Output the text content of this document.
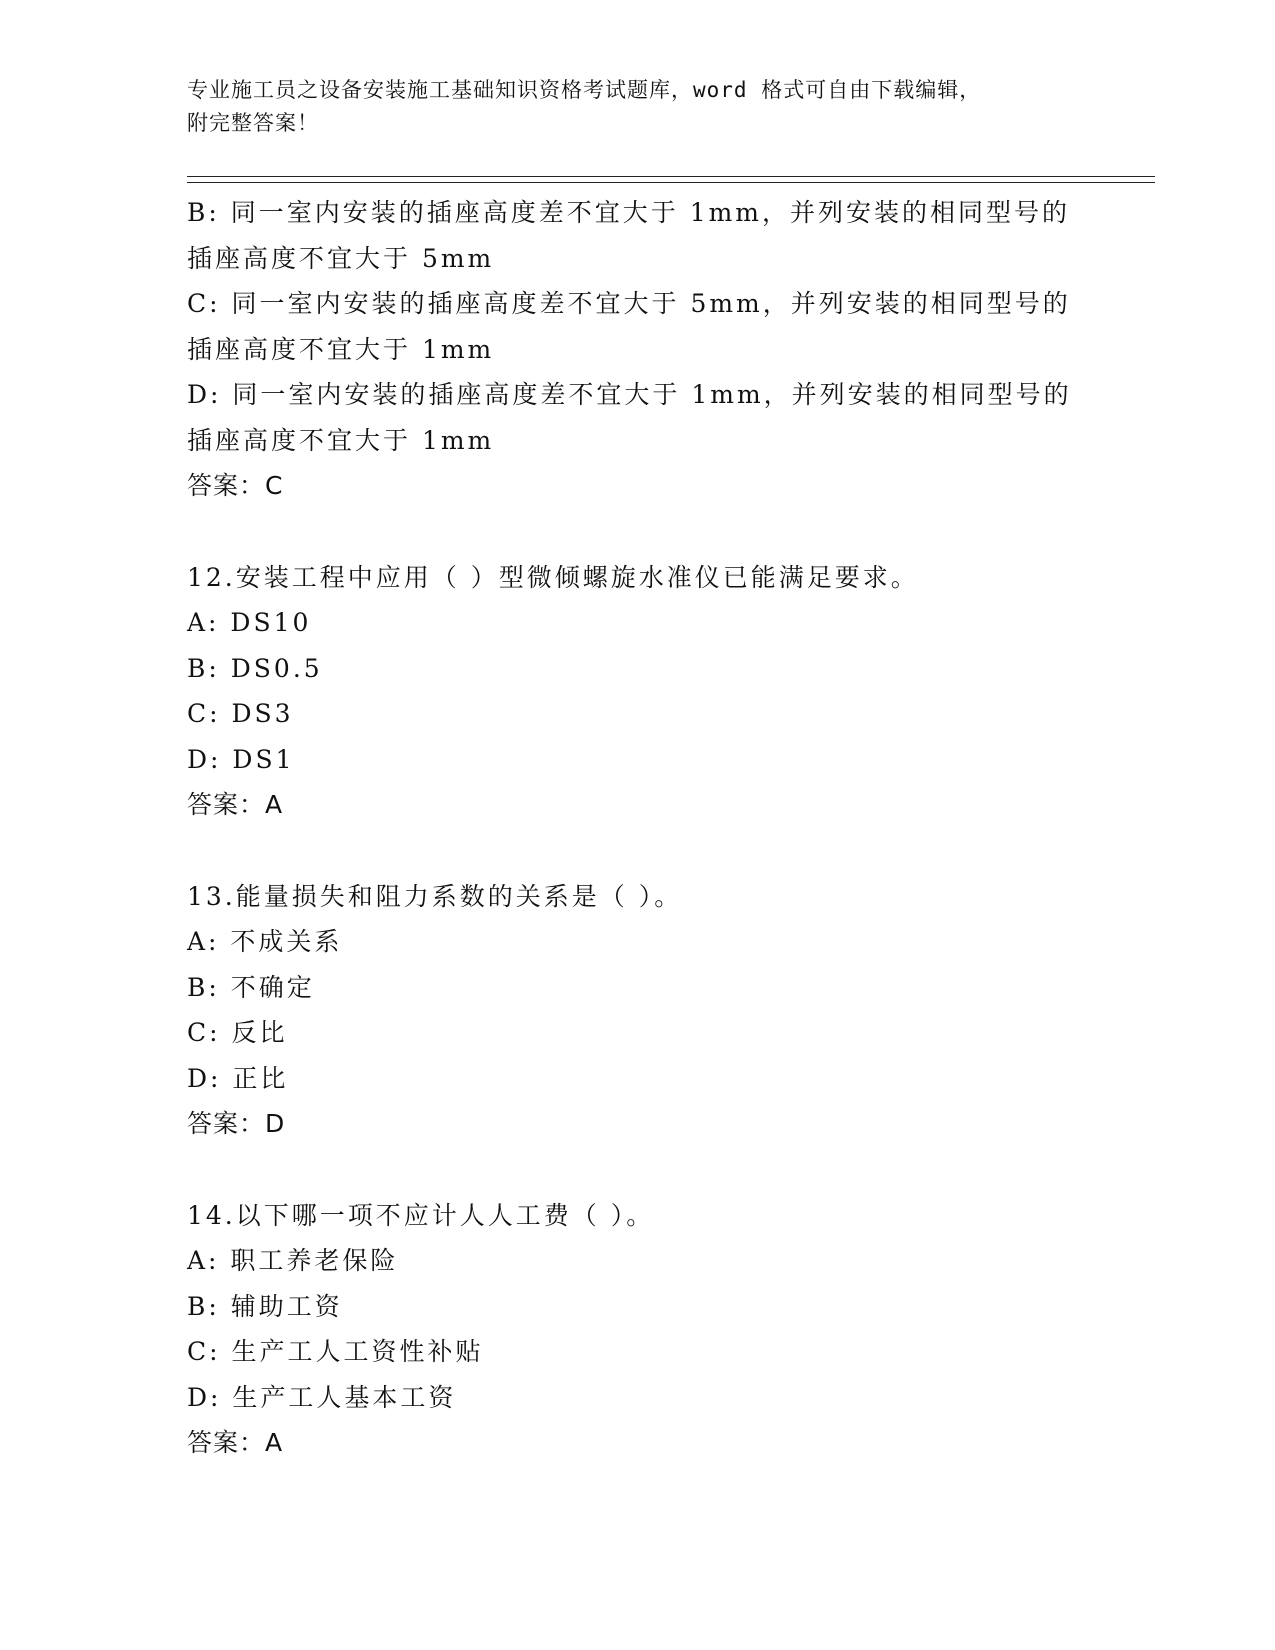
专业施工员之设备安装施工基础知识资格考试题库，word 格式可自由下载编辑，
附完整答案！
B: 同一室内安装的插座高度差不宜大于 1mm，并列安装的相同型号的
插座高度不宜大于 5mm
C: 同一室内安装的插座高度差不宜大于 5mm，并列安装的相同型号的
插座高度不宜大于 1mm
D: 同一室内安装的插座高度差不宜大于 1mm，并列安装的相同型号的
插座高度不宜大于 1mm
答案：C
12.安装工程中应用（ ）型微倾螺旋水准仪已能满足要求。
A: DS10
B: DS0.5
C: DS3
D: DS1
答案：A
13.能量损失和阻力系数的关系是（ ）。
A: 不成关系
B: 不确定
C: 反比
D: 正比
答案：D
14.以下哪一项不应计人人工费（ ）。
A: 职工养老保险
B: 辅助工资
C: 生产工人工资性补贴
D: 生产工人基本工资
答案：A
